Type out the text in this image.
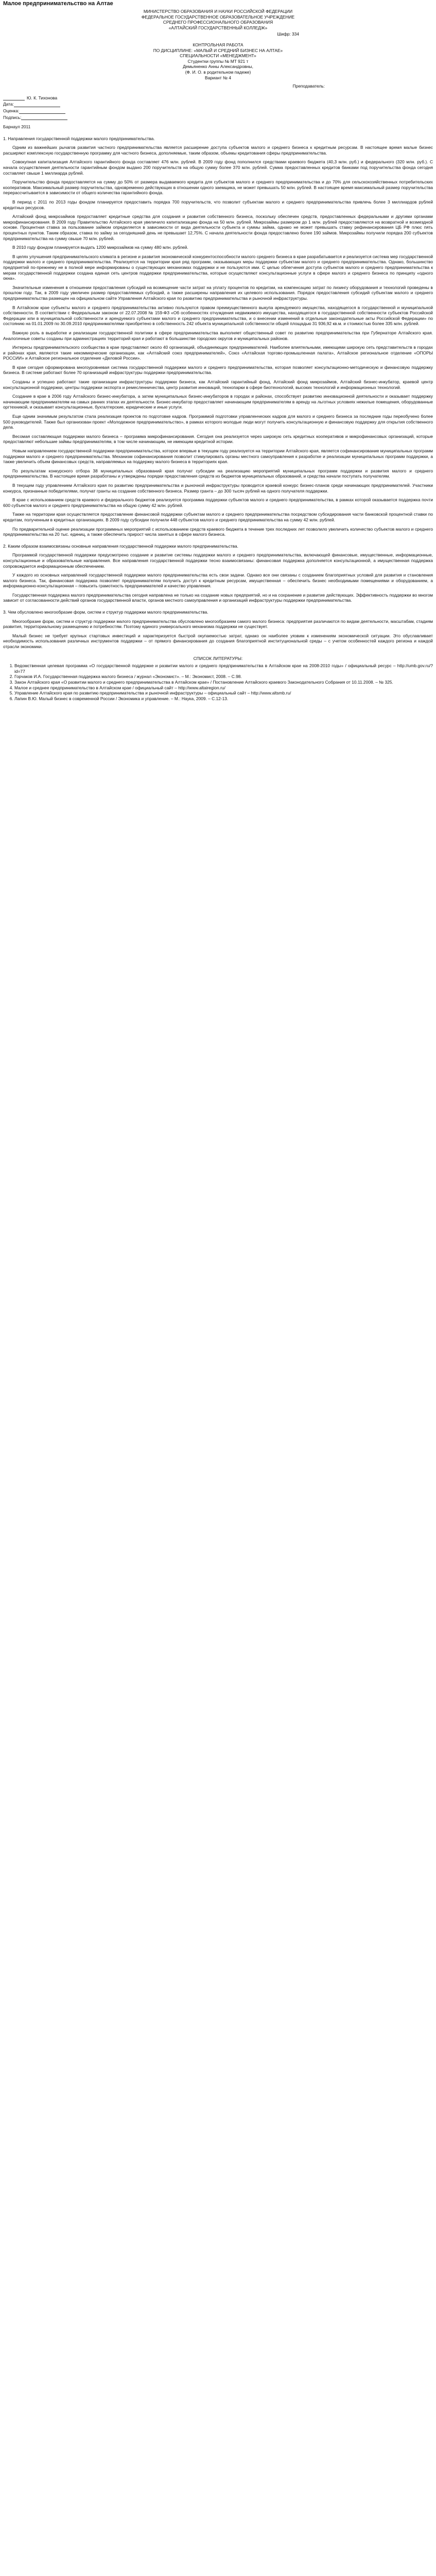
Малое предпринимательство на Алтае
МИНИСТЕРСТВО ОБРАЗОВАНИЯ И НАУКИ РОССИЙСКОЙ ФЕДЕРАЦИИ
ФЕДЕРАЛЬНОЕ ГОСУДАРСТВЕННОЕ ОБРАЗОВАТЕЛЬНОЕ УЧРЕЖДЕНИЕ
СРЕДНЕГО ПРОФЕССИОНАЛЬНОГО ОБРАЗОВАНИЯ
«АЛТАЙСКИЙ ГОСУДАРСТВЕННЫЙ КОЛЛЕДЖ»
Шифр: 334
КОНТРОЛЬНАЯ РАБОТА
ПО ДИСЦИПЛИНЕ: «МАЛЫЙ И СРЕДНИЙ БИЗНЕС НА АЛТАЕ»
СПЕЦИАЛЬНОСТИ «МЕНЕДЖМЕНТ»
Студентки группы № МТ 921 т
Демьяненко Анны Александровны,
(Ф. И. О. в родительном падеже)
Вариант № 4
Преподаватель:
Ю. К. Тихонова
Дата:
Оценка:
Подпись:
Барнаул 2011
1. Направления государственной поддержки малого предпринимательства.

Одним из важнейших рычагов развития частного предпринимательства является расширение доступа субъектов малого и среднего бизнеса к кредитным ресурсам. В настоящее время малые бизнес расширяют комплексную государственную программу для частного бизнеса, дополняемые, таким образом, объемы кредитования сферы предпринимательства.

Совокупная капитализация Алтайского гарантийного фонда составляет 476 млн. рублей. В 2009 году фонд пополнился средствами краевого бюджета (40,3 млн. руб.) и федерального (320 млн. руб.). С начала осуществления деятельности гарантийным фондом выдано 200 поручительств на общую сумму более 370 млн. рублей. Сумма предоставленных кредитов банками под поручительства фонда сегодня составляет свыше 1 миллиарда рублей.

Поручительство фонда предоставляется на сумму до 50% от размера выдаваемого кредита для субъектов малого и среднего предпринимательства и до 70% для сельскохозяйственных потребительских кооперативов. Максимальный размер поручительства, одновременно действующих в отношении одного заемщика, не может превышать 50 млн. рублей. В настоящее время максимальный размер поручительства перерассчитывается в зависимости от общего количества гарантийного фонда.

В период с 2011 по 2013 годы фондом планируется предоставить порядка 700 поручительств, что позволит субъектам малого и среднего предпринимательства привлечь более 3 миллиардов рублей кредитных ресурсов.

Алтайский фонд микрозаймов предоставляет кредитные средства для создания и развития собственного бизнеса, поскольку обеспечен средств, предоставленных федеральными и другими органами микрофинансирования. В 2009 году Правительство Алтайского края увеличило капитализацию фонда на 50 млн. рублей. Микрозаймы размером до 1 млн. рублей предоставляются на возвратной и возмездной основе. Процентная ставка за пользование займом определяется в зависимости от вида деятельности субъекта и суммы займа, однако не может превышать ставку рефинансирования ЦБ РФ плюс пять процентных пунктов. Таким образом, ставка по займу за сегодняшний день не превышает 12,75%. С начала деятельности фонда предоставлено более 190 займов. Микрозаймы получили порядка 200 субъектов предпринимательства на сумму свыше 70 млн. рублей.

В 2010 году фондом планируется выдать 1200 микрозаймов на сумму 480 млн. рублей.

В целях улучшения предпринимательского климата в регионе и развития экономической конкурентоспособности малого среднего бизнеса в крае разрабатывается и реализуется система мер государственной поддержки малого и среднего предпринимательства. Реализуется на территории края ряд программ, оказывающих меры поддержки субъектам малого и среднего предпринимательства. Однако, большинство предприятий по-прежнему не в полной мере информированы о существующих механизмах поддержки и не пользуются ими. С целью облегчения доступа субъектов малого и среднего предпринимательства к мерам государственной поддержки создана единая сеть центров поддержки предпринимательства, которые осуществляют консультационные услуги в сфере малого и среднего бизнеса по принципу «одного окна».

Значительные изменения в отношении предоставления субсидий на возмещение части затрат на уплату процентов по кредитам, на компенсацию затрат по лизингу оборудования и технологий проведены в прошлом году. Так, в 2009 году увеличен размер предоставляемых субсидий, а также расширены направления их целевого использования. Порядок предоставления субсидий субъектам малого и среднего предпринимательства размещен на официальном сайте Управления Алтайского края по развитию предпринимательства и рыночной инфраструктуры.

В Алтайском крае субъекты малого и среднего предпринимательства активно пользуются правом преимущественного выкупа арендуемого имущества, находящегося в государственной и муниципальной собственности. В соответствии с Федеральным законом от 22.07.2008 № 159-ФЗ «Об особенностях отчуждения недвижимого имущества, находящегося в государственной собственности субъектов Российской Федерации или в муниципальной собственности и арендуемого субъектами малого и среднего предпринимательства, и о внесении изменений в отдельные законодательные акты Российской Федерации» по состоянию на 01.01.2009 по 30.09.2010 предпринимателями приобретено в собственность 242 объекта муниципальной собственности общей площадью 31 936,92 кв.м. и стоимостью более 335 млн. рублей.

Важную роль в выработке и реализации государственной политики в сфере предпринимательства выполняет общественный совет по развитию предпринимательства при Губернаторе Алтайского края. Аналогичные советы созданы при администрациях территорий края и работают в большинстве городских округов и муниципальных районов.

Интересы предпринимательского сообщества в крае представляют около 40 организаций, объединяющих предпринимателей. Наиболее влиятельными, имеющими широкую сеть представительств в городах и районах края, являются такие некоммерческие организации, как «Алтайский союз предпринимателей», Союз «Алтайская торгово-промышленная палата», Алтайское региональное отделение «ОПОРЫ РОССИИ» и Алтайское региональное отделение «Деловой России».

В крае сегодня сформирована многоуровневая система государственной поддержки малого и среднего предпринимательства, которая позволяет консультационно-методическую и финансовую поддержку бизнеса. В системе работают более 70 организаций инфраструктуры поддержки предпринимательства.

Созданы и успешно работают такие организации инфраструктуры поддержки бизнеса, как Алтайский гарантийный фонд, Алтайский фонд микрозаймов, Алтайский бизнес-инкубатор, краевой центр консультационной поддержки, центры поддержки экспорта и ремесленничества, центр развития инноваций, технопарки в сфере биотехнологий, высоких технологий и информационных технологий.

Создание в крае в 2006 году Алтайского бизнес-инкубатора, а затем муниципальных бизнес-инкубаторов в городах и районах, способствует развитию инновационной деятельности и оказывает поддержку начинающим предпринимателям на самых ранних этапах их деятельности. Бизнес-инкубатор предоставляет начинающим предпринимателям в аренду на льготных условиях нежилые помещения, оборудованные оргтехникой, и оказывает консультационные, бухгалтерские, юридические и иные услуги.

Еще одним значимым результатом стала реализация проектов по подготовке кадров. Программой подготовки управленческих кадров для малого и среднего бизнеса за последние годы переобучено более 500 руководителей. Также был организован проект «Молодежное предпринимательство», в рамках которого молодые люди могут получить консультационную и финансовую поддержку для открытия собственного дела.

Весомая составляющая поддержки малого бизнеса – программа микрофинансирования. Сегодня она реализуется через широкую сеть кредитных кооперативов и микрофинансовых организаций, которые предоставляют небольшие займы предпринимателям, в том числе начинающим, не имеющим кредитной истории.

Новым направлением государственной поддержки предпринимательства, которое впервые в текущем году реализуется на территории Алтайского края, является софинансирование муниципальных программ поддержки малого и среднего предпринимательства. Механизм софинансирования позволит стимулировать органы местного самоуправления к разработке и реализации муниципальных программ поддержки, а также увеличить объем финансовых средств, направляемых на поддержку малого бизнеса в территориях края.

По результатам конкурсного отбора 38 муниципальных образований края получат субсидии на реализацию мероприятий муниципальных программ поддержки и развития малого и среднего предпринимательства. В настоящее время разработаны и утверждены порядки предоставления средств из бюджетов муниципальных образований, и средства начали поступать получателям.

В текущем году управлением Алтайского края по развитию предпринимательства и рыночной инфраструктуры проводится краевой конкурс бизнес-планов среди начинающих предпринимателей. Участники конкурса, признанные победителями, получат гранты на создание собственного бизнеса. Размер гранта – до 300 тысяч рублей на одного получателя поддержки.

В крае с использованием средств краевого и федерального бюджетов реализуется программа поддержки субъектов малого и среднего предпринимательства, в рамках которой оказывается поддержка почти 600 субъектов малого и среднего предпринимательства на общую сумму 42 млн. рублей.

Также на территории края осуществляется предоставление финансовой поддержки субъектам малого и среднего предпринимательства посредством субсидирования части банковской процентной ставки по кредитам, полученным в кредитных организациях. В 2009 году субсидии получили 448 субъектов малого и среднего предпринимательства на сумму 42 млн. рублей.

По предварительной оценке реализации программных мероприятий с использованием средств краевого бюджета в течение трех последних лет позволило увеличить количество субъектов малого и среднего предпринимательства на 20 тыс. единиц, а также обеспечить прирост числа занятых в сфере малого бизнеса.

2. Каким образом взаимосвязаны основные направления государственной поддержки малого предпринимательства.

Программой государственной поддержки предусмотрено создание и развитие системы поддержки малого и среднего предпринимательства, включающей финансовые, имущественные, информационные, консультационные и образовательные направления. Все направления государственной поддержки тесно взаимосвязаны: финансовая поддержка дополняется консультационной, а имущественная поддержка сопровождается информационным обеспечением.

У каждого из основных направлений государственной поддержки малого предпринимательства есть свои задачи. Однако все они связаны с созданием благоприятных условий для развития и становления малого бизнеса. Так, финансовая поддержка позволяет предпринимателям получить доступ к кредитным ресурсам, имущественная – обеспечить бизнес необходимыми помещениями и оборудованием, а информационно-консультационная – повысить грамотность предпринимателей и качество управления.

Государственная поддержка малого предпринимательства сегодня направлена не только на создание новых предприятий, но и на сохранение и развитие действующих. Эффективность поддержки во многом зависит от согласованности действий органов государственной власти, органов местного самоуправления и организаций инфраструктуры поддержки предпринимательства.

3. Чем обусловлено многообразие форм, систем и структур поддержки малого предпринимательства.

Многообразие форм, систем и структур поддержки малого предпринимательства обусловлено многообразием самого малого бизнеса: предприятия различаются по видам деятельности, масштабам, стадиям развития, территориальному размещению и потребностям. Поэтому единого универсального механизма поддержки не существует.

Малый бизнес не требует крупных стартовых инвестиций и характеризуется быстрой окупаемостью затрат, однако он наиболее уязвим к изменениям экономической ситуации. Это обуславливает необходимость использования различных инструментов поддержки – от прямого финансирования до создания благоприятной институциональной среды – с учетом особенностей каждого региона и каждой отрасли экономики.

СПИСОК ЛИТЕРАТУРЫ:
1. Ведомственная целевая программа «О государственной поддержке и развитии малого и среднего предпринимательства в Алтайском крае на 2008-2010 годы» / официальный ресурс – http://umb.gov.ru/?id=77
2. Горчаков И.А. Государственная поддержка малого бизнеса / журнал «Экономист». – М.: Экономист, 2008. – С.98.
3. Закон Алтайского края «О развитии малого и среднего предпринимательства в Алтайском крае» / Постановление Алтайского краевого Законодательного Собрания от 10.11.2008. – № 325.
4. Малое и среднее предпринимательство в Алтайском крае / официальный сайт – http://www.altairegion.ru/
5. Управление Алтайского края по развитию предпринимательства и рыночной инфраструктуры – официальный сайт – http://www.altsmb.ru/
6. Лапин В.Ю. Малый бизнес в современной России / Экономика и управление. – М.: Наука, 2009. – С.12-13.
